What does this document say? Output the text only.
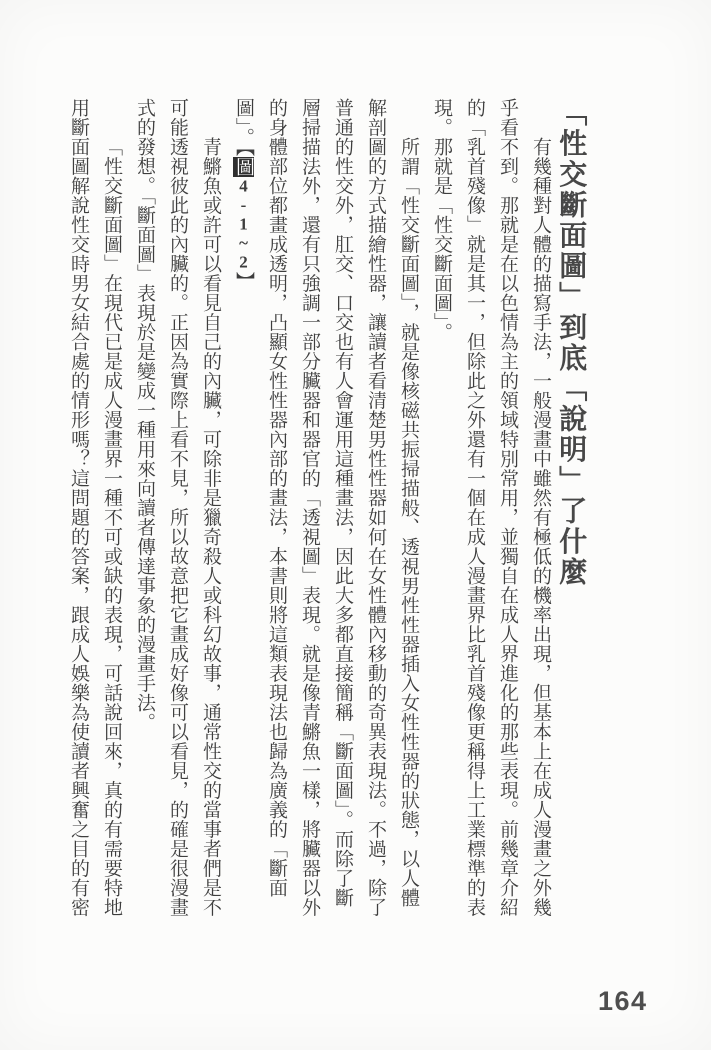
「性交斷面圖」到底「說明」了什麼
有幾種對人體的描寫手法，一般漫畫中雖然有極低的機率出現，但基本上在成人漫畫之外幾
乎看不到。那就是在以色情為主的領域特別常用，並獨自在成人界進化的那些表現。前幾章介紹
的「乳首殘像」就是其一，但除此之外還有一個在成人漫畫界比乳首殘像更稱得上工業標準的表
現。那就是「性交斷面圖」。
所謂「性交斷面圖」，就是像核磁共振掃描般、透視男性性器插入女性性器的狀態，以人體
解剖圖的方式描繪性器，讓讀者看清楚男性性器如何在女性體內移動的奇異表現法。不過，除了
普通的性交外，肛交、口交也有人會運用這種畫法，因此大多都直接簡稱「斷面圖」。而除了斷
層掃描法外，還有只強調一部分臟器和器官的「透視圖」表現。就是像青鱂魚一樣，將臟器以外
的身體部位都畫成透明，凸顯女性性器內部的畫法，本書則將這類表現法也歸為廣義的「斷面
圖」。【圖4-1~2】
青鱂魚或許可以看見自己的內臟，可除非是獵奇殺人或科幻故事，通常性交的當事者們是不
可能透視彼此的內臟的。正因為實際上看不見，所以故意把它畫成好像可以看見，的確是很漫畫
式的發想。「斷面圖」表現於是變成一種用來向讀者傳達事象的漫畫手法。
「性交斷面圖」在現代已是成人漫畫界一種不可或缺的表現，可話說回來，真的有需要特地
用斷面圖解說性交時男女結合處的情形嗎？這問題的答案，跟成人娛樂為使讀者興奮之目的有密
164
